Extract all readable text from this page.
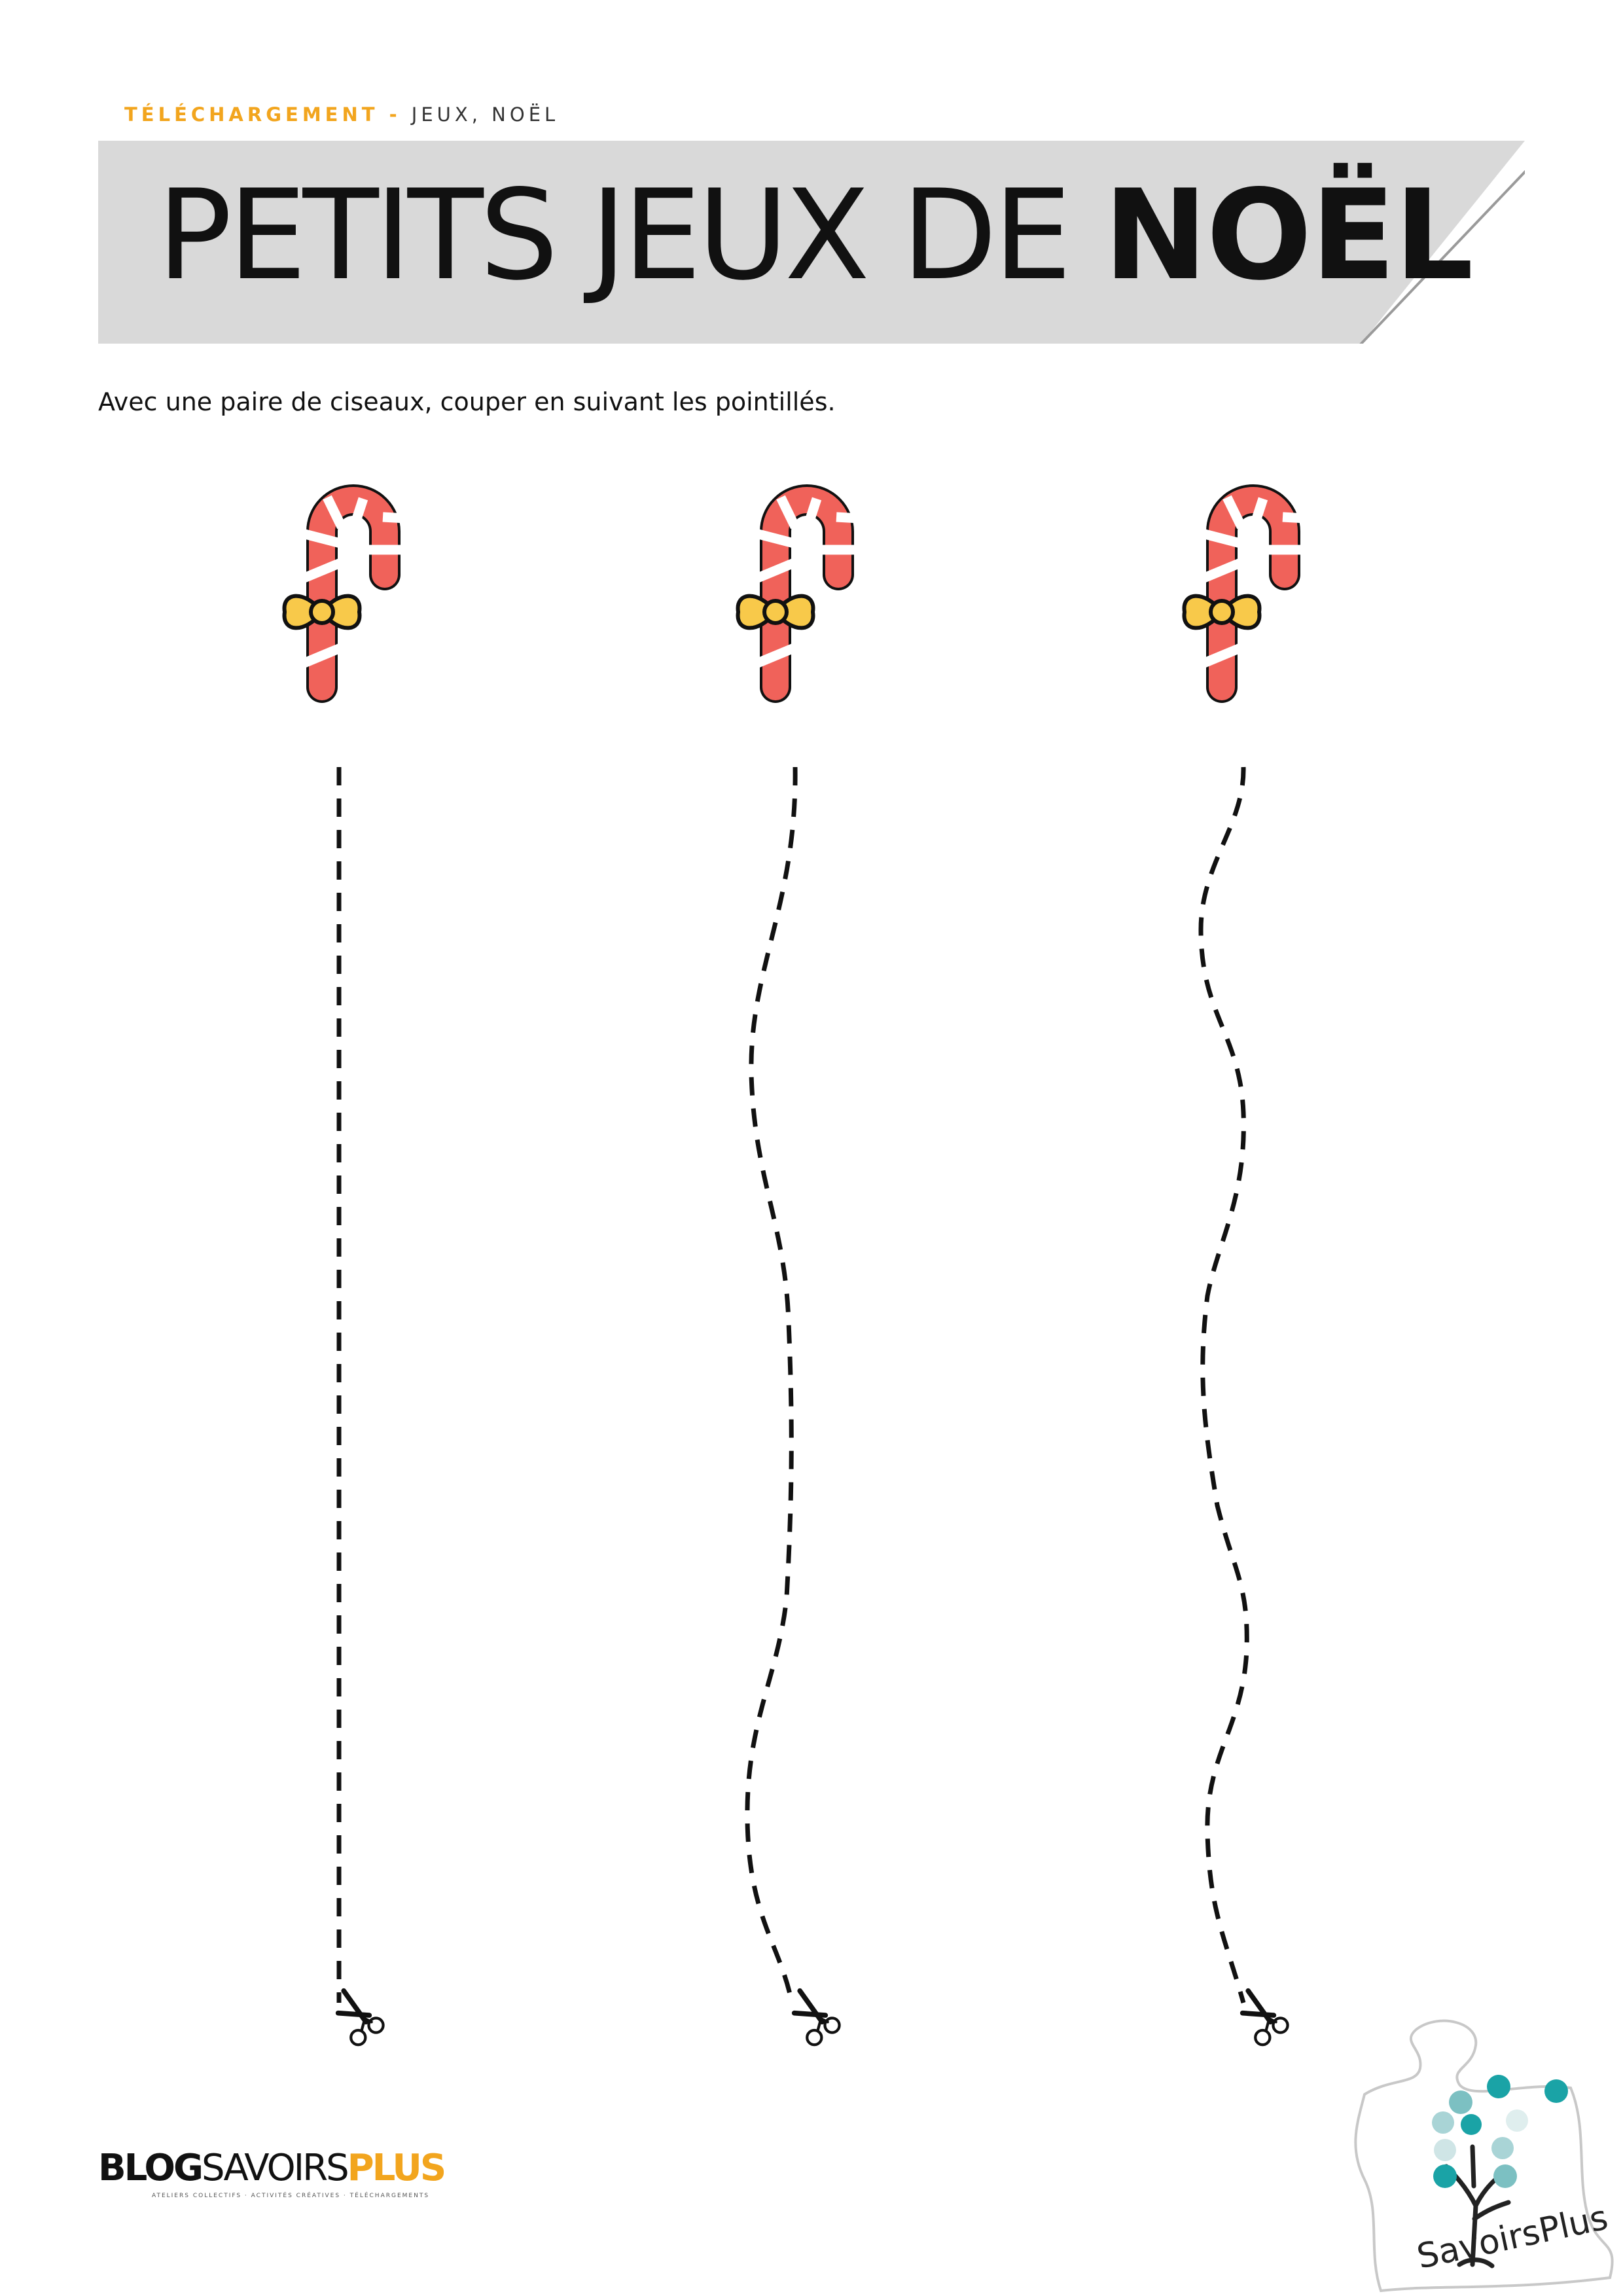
TÉLÉCHARGEMENT - JEUX, NOËL
PETITS JEUX DE NOËL
Avec une paire de ciseaux, couper en suivant les pointillés.
BLOGSAVOIRSPLUS
ATELIERS COLLECTIFS · ACTIVITÉS CRÉATIVES · TÉLÉCHARGEMENTS
SavoirsPlus
